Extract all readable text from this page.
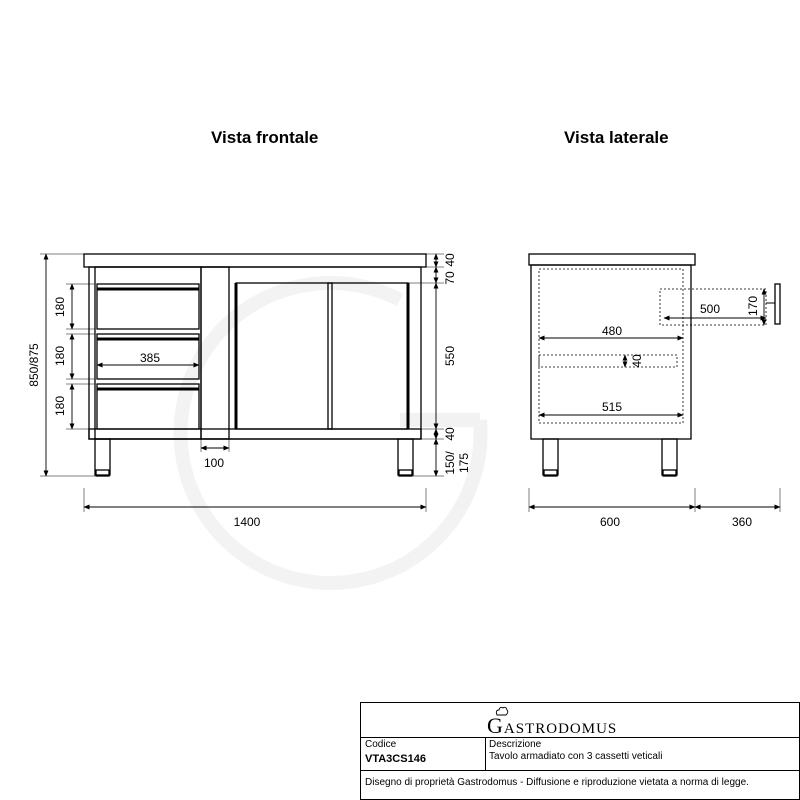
Vista frontale	Vista laterale
850/875
180
180
180
385
100
40
70
550
40
150/ 175
1400
480
40
515
500 170
600	360
GASTRODOMUS
Codice
VTA3CS146
Descrizione
Tavolo armadiato con 3 cassetti veticali
Disegno di proprietà Gastrodomus - Diffusione e riproduzione vietata a norma di legge.
